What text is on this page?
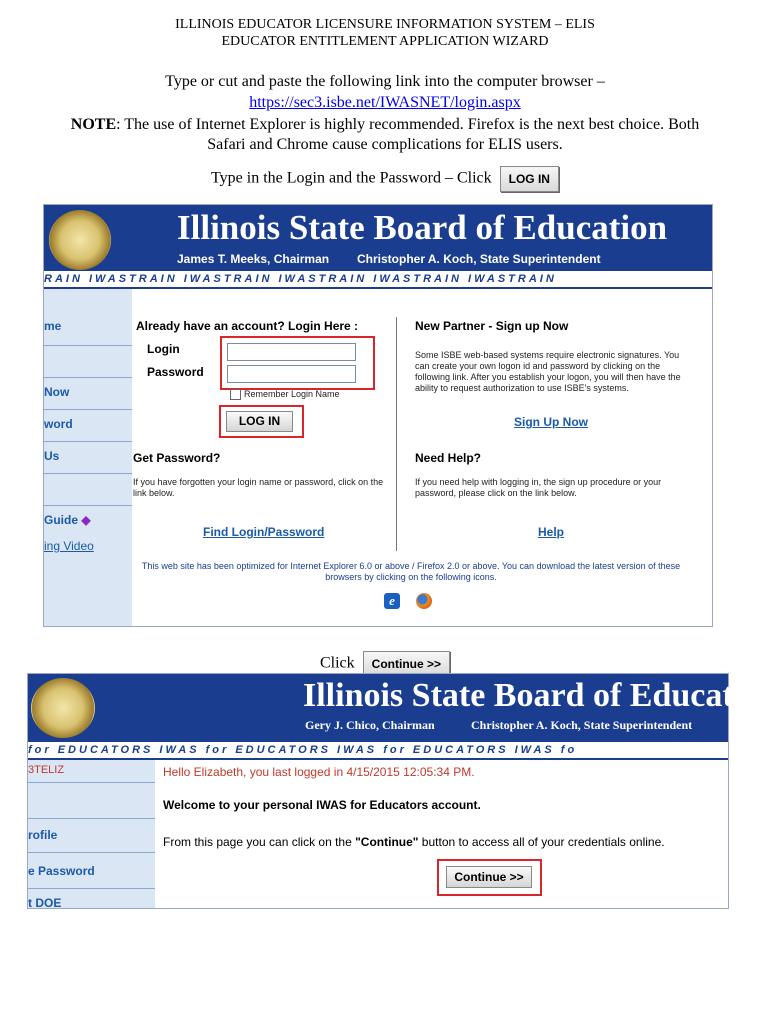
ILLINOIS EDUCATOR LICENSURE INFORMATION SYSTEM – ELIS
EDUCATOR ENTITLEMENT APPLICATION WIZARD
Type or cut and paste the following link into the computer browser –
https://sec3.isbe.net/IWASNET/login.aspx
NOTE: The use of Internet Explorer is highly recommended. Firefox is the next best choice. Both
Safari and Chrome cause complications for ELIS users.
Type in the Login and the Password – Click LOG IN
Illinois State Board of Education
James T. Meeks, Chairman Christopher A. Koch, State Superintendent
RAIN IWASTRAIN IWASTRAIN IWASTRAIN IWASTRAIN IWASTRAIN
me
Now
word
Us
Guide ◆
ing Video
Already have an account? Login Here :
Login
Password
Remember Login Name
LOG IN
New Partner - Sign up Now
Some ISBE web-based systems require electronic signatures. You can create your own logon id and password by clicking on the following link. After you establish your logon, you will then have the ability to request authorization to use ISBE's systems.
Sign Up Now
Get Password?
If you have forgotten your login name or password, click on the link below.
Find Login/Password
Need Help?
If you need help with logging in, the sign up procedure or your password, please click on the link below.
Help
This web site has been optimized for Internet Explorer 6.0 or above / Firefox 2.0 or above. You can download the latest version of these browsers by clicking on the following icons.
e
Click Continue >>
Illinois State Board of Education
Gery J. Chico, Chairman	Christopher A. Koch, State Superintendent
for EDUCATORS IWAS for EDUCATORS IWAS for EDUCATORS IWAS fo
3TELIZ
rofile
e Password
t DOE
Hello Elizabeth, you last logged in 4/15/2015 12:05:34 PM.
Welcome to your personal IWAS for Educators account.
From this page you can click on the "Continue" button to access all of your credentials online.
Continue >>
